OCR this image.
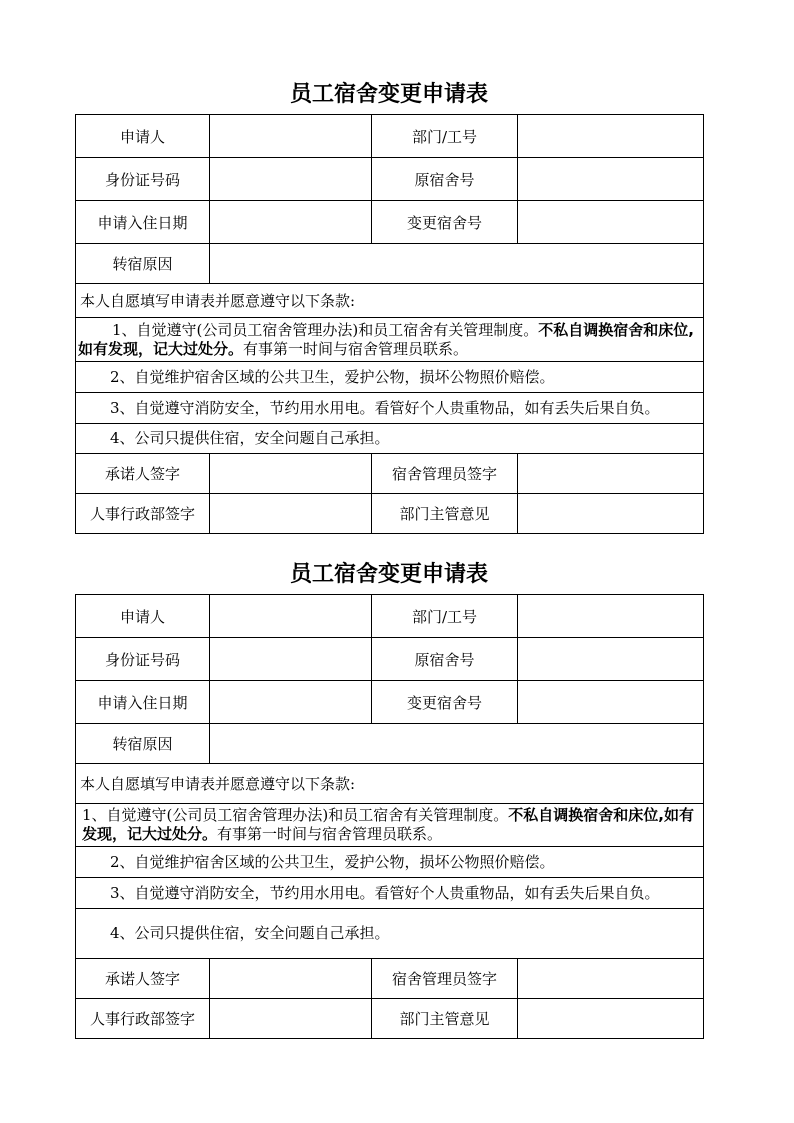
员工宿舍变更申请表
申请人		部门/工号	
身份证号码		原宿舍号	
申请入住日期		变更宿舍号	
转宿原因			
本人自愿填写申请表并愿意遵守以下条款:			
1、自觉遵守(公司员工宿舍管理办法)和员工宿舍有关管理制度。不私自调换宿舍和床位,如有发现，记大过处分。有事第一时间与宿舍管理员联系。			
2、自觉维护宿舍区域的公共卫生，爱护公物，损坏公物照价赔偿。			
3、自觉遵守消防安全，节约用水用电。看管好个人贵重物品，如有丢失后果自负。			
4、公司只提供住宿，安全问题自己承担。			
承诺人签字		宿舍管理员签字	
人事行政部签字		部门主管意见	
员工宿舍变更申请表
申请人		部门/工号	
身份证号码		原宿舍号	
申请入住日期		变更宿舍号	
转宿原因			
本人自愿填写申请表并愿意遵守以下条款:			
1、自觉遵守(公司员工宿舍管理办法)和员工宿舍有关管理制度。不私自调换宿舍和床位,如有发现，记大过处分。有事第一时间与宿舍管理员联系。			
2、自觉维护宿舍区域的公共卫生，爱护公物，损坏公物照价赔偿。			
3、自觉遵守消防安全，节约用水用电。看管好个人贵重物品，如有丢失后果自负。			
4、公司只提供住宿，安全问题自己承担。			
承诺人签字		宿舍管理员签字	
人事行政部签字		部门主管意见	
